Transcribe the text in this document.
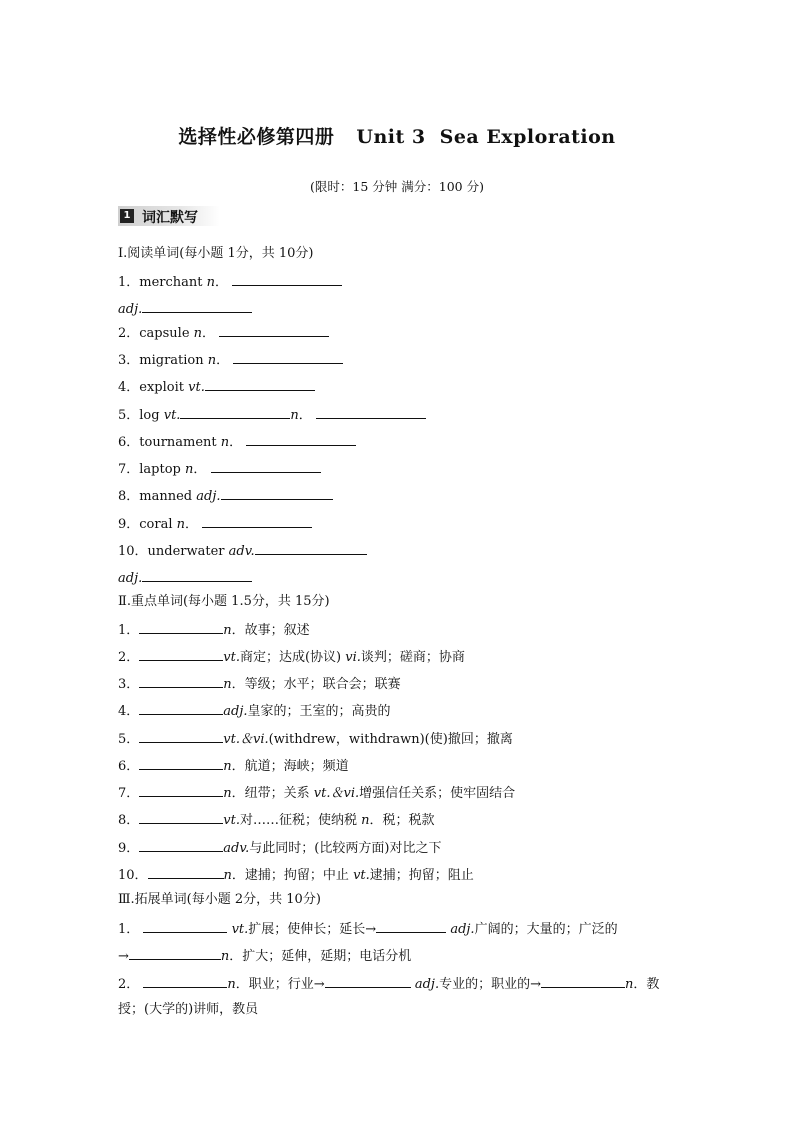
选择性必修第四册 Unit 3 Sea Exploration
(限时：15 分钟 满分：100 分)
1 词汇默写
Ⅰ.阅读单词(每小题 1分，共 10分)
1．merchant n．
adj.
2．capsule n．
3．migration n．
4．exploit vt.
5．log vt.	n．
6．tournament n．
7．laptop n．
8．manned adj.
9．coral n．
10．underwater adv.
adj.
Ⅱ.重点单词(每小题 1.5分，共 15分)
1．	n．故事；叙述
2．	vt.商定；达成(协议) vi.谈判；磋商；协商
3．	n．等级；水平；联合会；联赛
4．	adj.皇家的；王室的；高贵的
5．	vt.＆vi.(withdrew，withdrawn)(使)撤回；撤离
6．	n．航道；海峡；频道
7．	n．纽带；关系 vt.＆vi.增强信任关系；使牢固结合
8．	vt.对……征税；使纳税 n．税；税款
9．	adv.与此同时；(比较两方面)对比之下
10．	n．逮捕；拘留；中止 vt.逮捕；拘留；阻止
Ⅲ.拓展单词(每小题 2分，共 10分)
1．	vt.扩展；使伸长；延长→	adj.广阔的；大量的；广泛的
→	n．扩大；延伸，延期；电话分机
2．	n．职业；行业→	adj.专业的；职业的→	n．教
授；(大学的)讲师，教员
